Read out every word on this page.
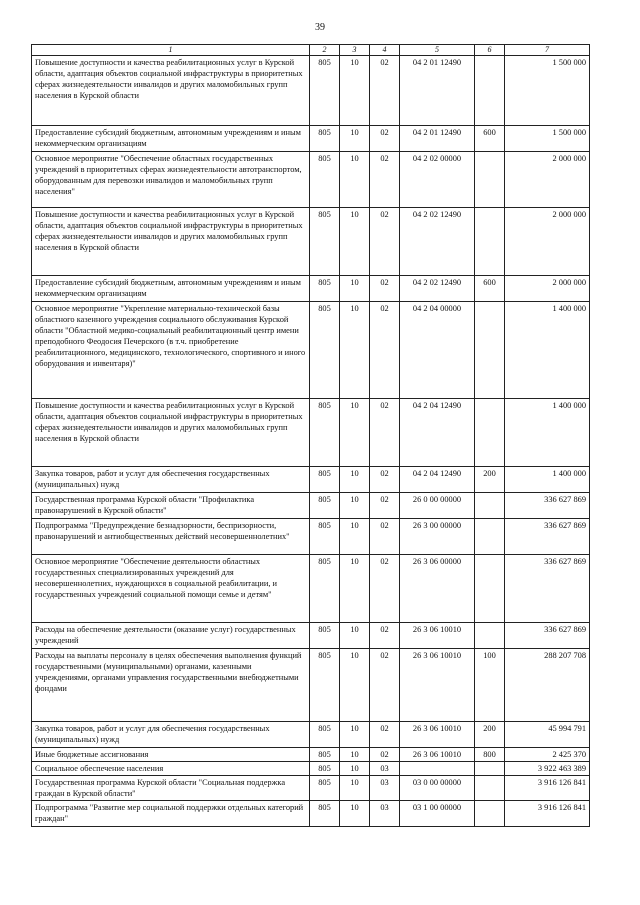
39
1	2	3	4	5	6	7
Повышение доступности и качества реабилитационных услуг в Курской области, адаптация объектов социальной инфраструктуры в приоритетных сферах жизнедеятельности инвалидов и других маломобильных групп населения в Курской области	805	10	02	04 2 01 12490		1 500 000
Предоставление субсидий бюджетным, автономным учреждениям и иным некоммерческим организациям	805	10	02	04 2 01 12490	600	1 500 000
Основное мероприятие "Обеспечение областных государственных учреждений в приоритетных сферах жизнедеятельности автотранспортом, оборудованным для перевозки инвалидов и маломобильных групп населения"	805	10	02	04 2 02 00000		2 000 000
Повышение доступности и качества реабилитационных услуг в Курской области, адаптация объектов социальной инфраструктуры в приоритетных сферах жизнедеятельности инвалидов и других маломобильных групп населения в Курской области	805	10	02	04 2 02 12490		2 000 000
Предоставление субсидий бюджетным, автономным учреждениям и иным некоммерческим организациям	805	10	02	04 2 02 12490	600	2 000 000
Основное мероприятие "Укрепление материально-технической базы областного казенного учреждения социального обслуживания Курской области "Областной медико-социальный реабилитационный центр имени преподобного Феодосия Печерского (в т.ч. приобретение реабилитационного, медицинского, технологического, спортивного и иного оборудования и инвентаря)"	805	10	02	04 2 04 00000		1 400 000
Повышение доступности и качества реабилитационных услуг в Курской области, адаптация объектов социальной инфраструктуры в приоритетных сферах жизнедеятельности инвалидов и других маломобильных групп населения в Курской области	805	10	02	04 2 04 12490		1 400 000
Закупка товаров, работ и услуг для обеспечения государственных (муниципальных) нужд	805	10	02	04 2 04 12490	200	1 400 000
Государственная программа Курской области "Профилактика правонарушений в Курской области"	805	10	02	26 0 00 00000		336 627 869
Подпрограмма "Предупреждение безнадзорности, беспризорности, правонарушений и антиобщественных действий несовершеннолетних"	805	10	02	26 3 00 00000		336 627 869
Основное мероприятие "Обеспечение деятельности областных государственных специализированных учреждений для несовершеннолетних, нуждающихся в социальной реабилитации, и государственных учреждений социальной помощи семье и детям"	805	10	02	26 3 06 00000		336 627 869
Расходы на обеспечение деятельности (оказание услуг) государственных учреждений	805	10	02	26 3 06 10010		336 627 869
Расходы на выплаты персоналу в целях обеспечения выполнения функций государственными (муниципальными) органами, казенными учреждениями, органами управления государственными внебюджетными фондами	805	10	02	26 3 06 10010	100	288 207 708
Закупка товаров, работ и услуг для обеспечения государственных (муниципальных) нужд	805	10	02	26 3 06 10010	200	45 994 791
Иные бюджетные ассигнования	805	10	02	26 3 06 10010	800	2 425 370
Социальное обеспечение населения	805	10	03			3 922 463 389
Государственная программа Курской области "Социальная поддержка граждан в Курской области"	805	10	03	03 0 00 00000		3 916 126 841
Подпрограмма "Развитие мер социальной поддержки отдельных категорий граждан"	805	10	03	03 1 00 00000		3 916 126 841
